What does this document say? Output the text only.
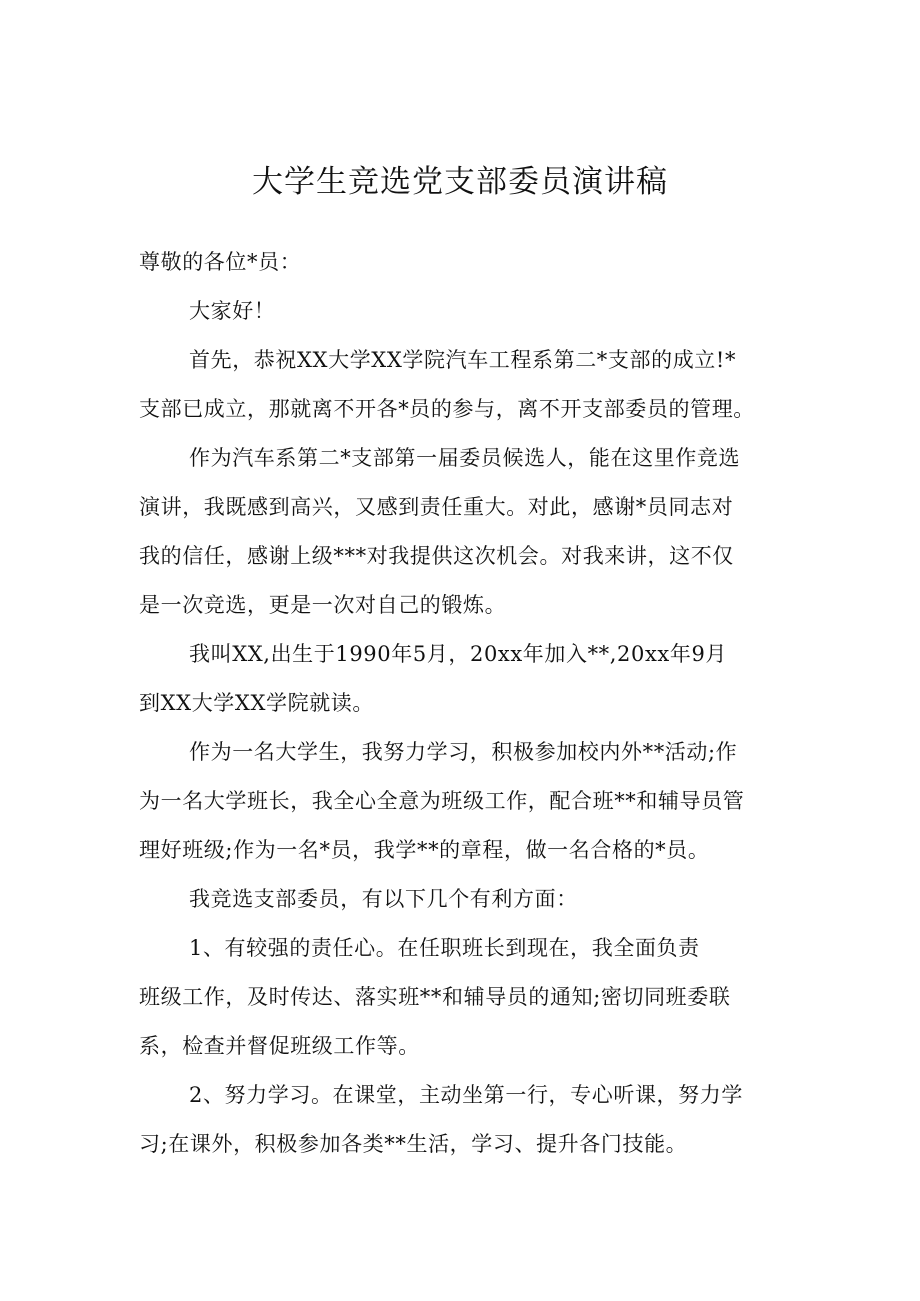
大学生竞选党支部委员演讲稿
尊敬的各位*员：
大家好！
首先，恭祝XX大学XX学院汽车工程系第二*支部的成立!*
支部已成立，那就离不开各*员的参与，离不开支部委员的管理。
作为汽车系第二*支部第一届委员候选人，能在这里作竞选
演讲，我既感到高兴，又感到责任重大。对此，感谢*员同志对
我的信任，感谢上级***对我提供这次机会。对我来讲，这不仅
是一次竞选，更是一次对自己的锻炼。
我叫XX,出生于1990年5月，20xx年加入**,20xx年9月
到XX大学XX学院就读。
作为一名大学生，我努力学习，积极参加校内外**活动;作
为一名大学班长，我全心全意为班级工作，配合班**和辅导员管
理好班级;作为一名*员，我学**的章程，做一名合格的*员。
我竞选支部委员，有以下几个有利方面：
1、有较强的责任心。在任职班长到现在，我全面负责
班级工作，及时传达、落实班**和辅导员的通知;密切同班委联
系，检查并督促班级工作等。
2、努力学习。在课堂，主动坐第一行，专心听课，努力学
习;在课外，积极参加各类**生活，学习、提升各门技能。
